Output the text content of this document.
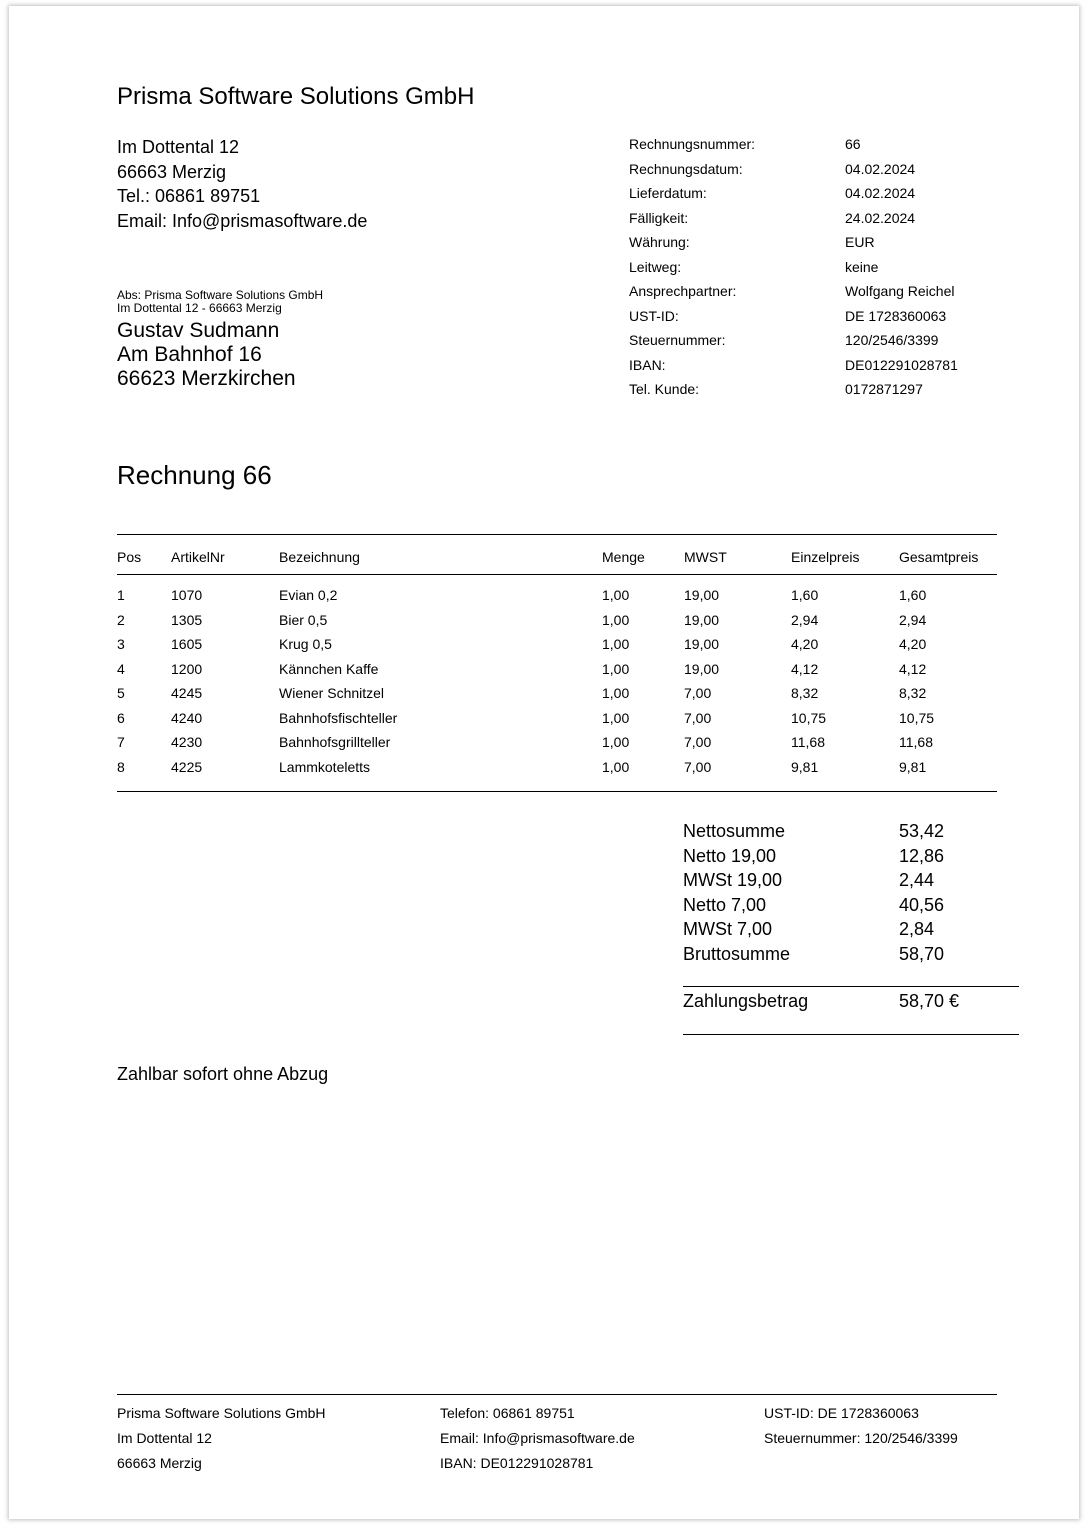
Prisma Software Solutions GmbH
Im Dottental 12
66663 Merzig
Tel.: 06861 89751
Email: Info@prismasoftware.de
Abs: Prisma Software Solutions GmbH
Im Dottental 12 - 66663 Merzig
Gustav Sudmann
Am Bahnhof 16
66623 Merzkirchen
Rechnungsnummer:	66
Rechnungsdatum:	04.02.2024
Lieferdatum:	04.02.2024
Fälligkeit:	24.02.2024
Währung:	EUR
Leitweg:	keine
Ansprechpartner:	Wolfgang Reichel
UST-ID:	DE 1728360063
Steuernummer:	120/2546/3399
IBAN:	DE012291028781
Tel. Kunde:	0172871297
Rechnung 66
Pos ArtikelNr	Bezeichnung	Menge	MWST	Einzelpreis	Gesamtpreis
1	1070	Evian 0,2	1,00	19,00	1,60	1,60
2	1305	Bier 0,5	1,00	19,00	2,94	2,94
3	1605	Krug 0,5	1,00	19,00	4,20	4,20
4	1200	Kännchen Kaffe	1,00	19,00	4,12	4,12
5	4245	Wiener Schnitzel	1,00	7,00	8,32	8,32
6	4240	Bahnhofsfischteller	1,00	7,00	10,75	10,75
7	4230	Bahnhofsgrillteller	1,00	7,00	11,68	11,68
8	4225	Lammkoteletts	1,00	7,00	9,81	9,81
Nettosumme	53,42
Netto 19,00	12,86
MWSt 19,00	2,44
Netto 7,00	40,56
MWSt 7,00	2,84
Bruttosumme	58,70
Zahlungsbetrag	58,70 €
Zahlbar sofort ohne Abzug
Prisma Software Solutions GmbH
Im Dottental 12
66663 Merzig
Telefon: 06861 89751
Email: Info@prismasoftware.de
IBAN: DE012291028781
UST-ID: DE 1728360063
Steuernummer: 120/2546/3399
